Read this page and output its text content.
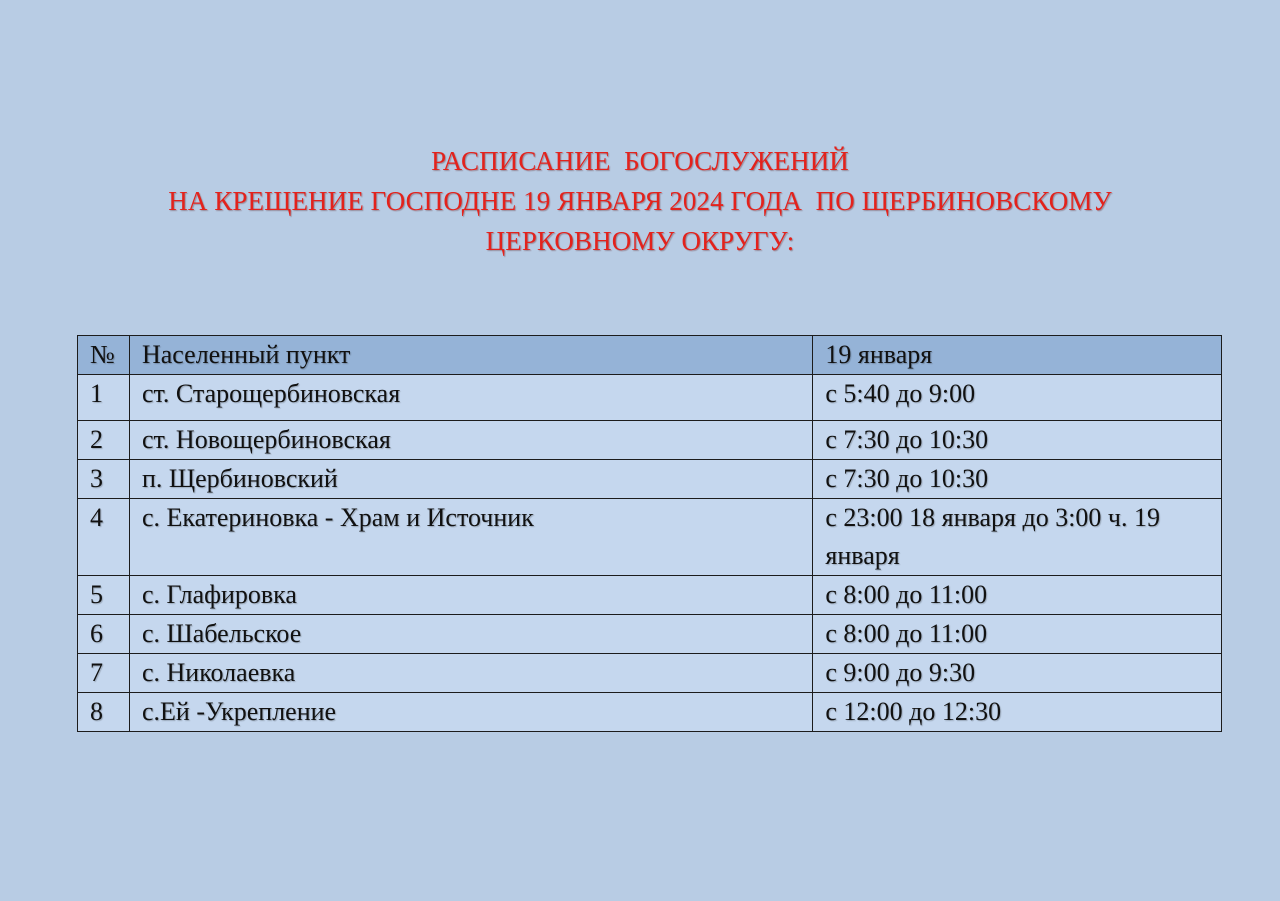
РАСПИСАНИЕ  БОГОСЛУЖЕНИЙ
НА КРЕЩЕНИЕ ГОСПОДНЕ 19 ЯНВАРЯ 2024 ГОДА  ПО ЩЕРБИНОВСКОМУ
ЦЕРКОВНОМУ ОКРУГУ:
№	Населенный пункт	19 января
1	ст. Старощербиновская	с 5:40 до 9:00
2	ст. Новощербиновская	с 7:30 до 10:30
3	п. Щербиновский	с 7:30 до 10:30
4	с. Екатериновка - Храм и Источник	с 23:00 18 января до 3:00 ч. 19 января
5	с. Глафировка	с 8:00 до 11:00
6	с. Шабельское	с 8:00 до 11:00
7	с. Николаевка	с 9:00 до 9:30
8	с.Ей -Укрепление	с 12:00 до 12:30
